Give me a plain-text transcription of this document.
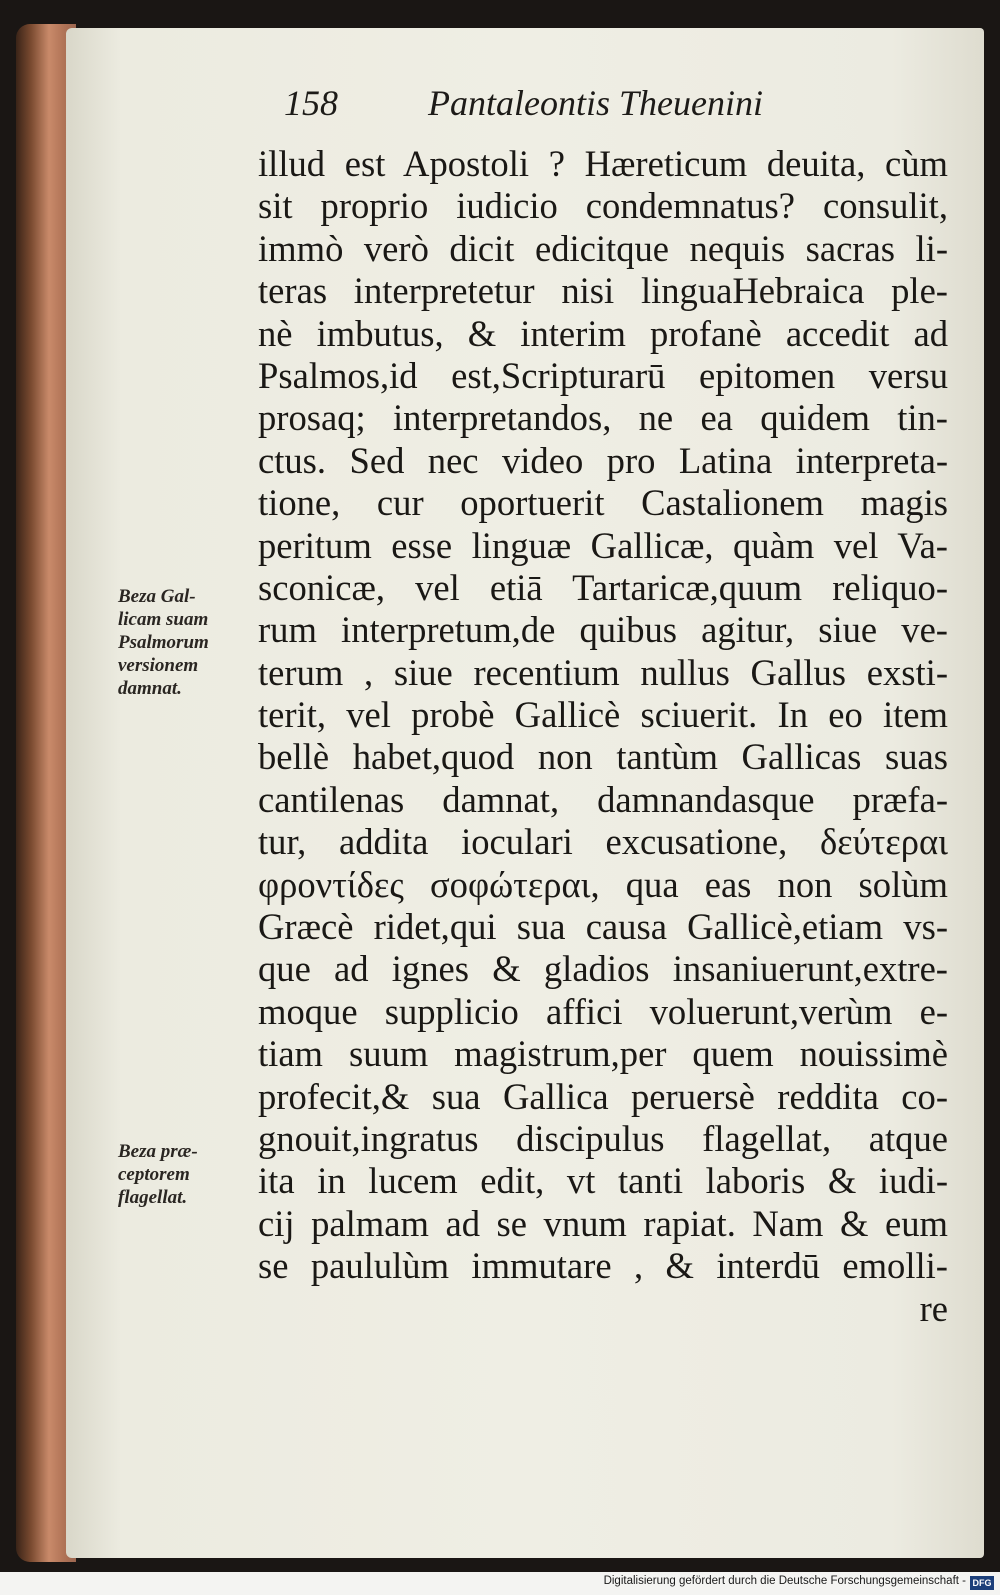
158	Pantaleontis Theuenini
illud est Apostoli ? Hæreticum deuita, cùm
sit proprio iudicio condemnatus? consulit,
immò verò dicit edicitque nequis sacras li-
teras interpretetur nisi linguaHebraica ple-
nè imbutus, & interim profanè accedit ad
Psalmos,id est,Scripturarū epitomen versu
prosaq; interpretandos, ne ea quidem tin-
ctus. Sed nec video pro Latina interpreta-
tione, cur oportuerit Castalionem magis
peritum esse linguæ Gallicæ, quàm vel Va-
sconicæ, vel etiā Tartaricæ,quum reliquo-
rum interpretum,de quibus agitur, siue ve-
terum , siue recentium nullus Gallus exsti-
terit, vel probè Gallicè sciuerit. In eo item
bellè habet,quod non tantùm Gallicas suas
cantilenas damnat, damnandasque præfa-
tur, addita ioculari excusatione, δεύτεραι
φροντίδες σοφώτεραι, qua eas non solùm
Græcè ridet,qui sua causa Gallicè,etiam vs-
que ad ignes & gladios insaniuerunt,extre-
moque supplicio affici voluerunt,verùm e-
tiam suum magistrum,per quem nouissimè
profecit,& sua Gallica peruersè reddita co-
gnouit,ingratus discipulus flagellat, atque
ita in lucem edit, vt tanti laboris & iudi-
cij palmam ad se vnum rapiat. Nam & eum
se paululùm immutare , & interdū emolli-
re
Beza Gal-
licam suam
Psalmorum
versionem
damnat.
Beza præ-
ceptorem
flagellat.
Digitalisierung gefördert durch die Deutsche Forschungsgemeinschaft - DFG
